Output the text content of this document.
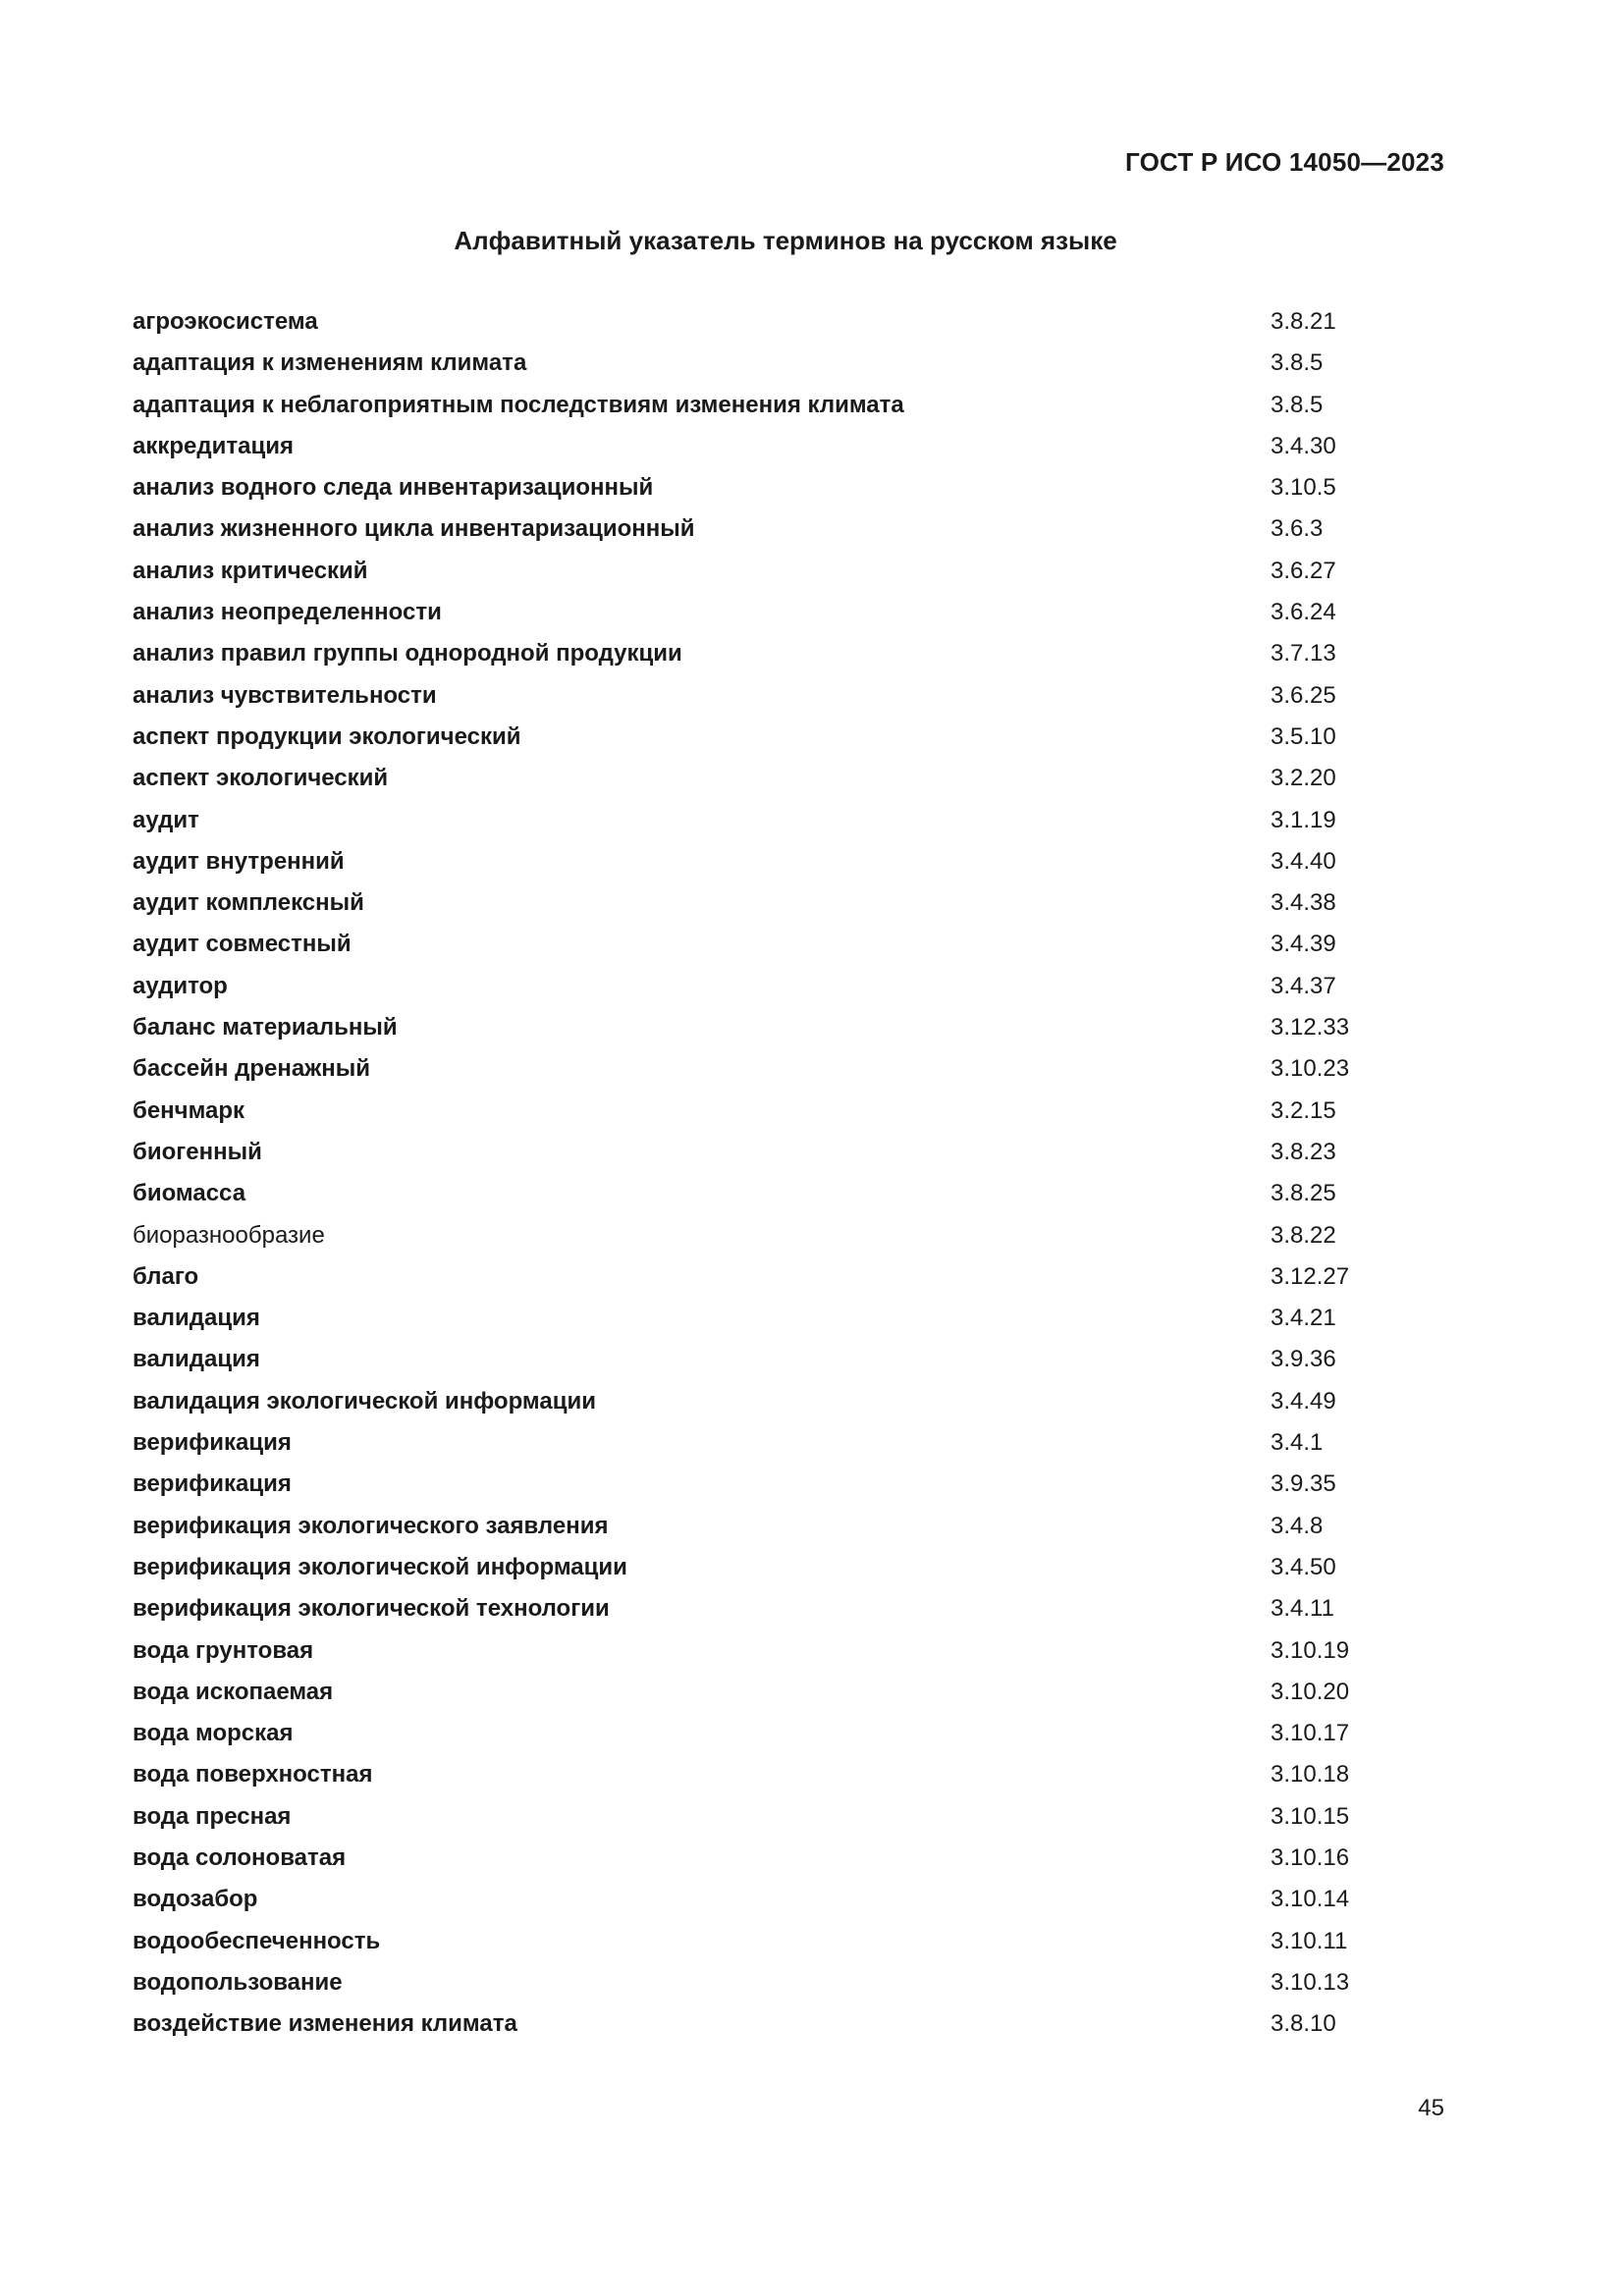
ГОСТ Р ИСО 14050—2023
Алфавитный указатель терминов на русском языке
агроэкосистема	3.8.21
адаптация к изменениям климата	3.8.5
адаптация к неблагоприятным последствиям изменения климата	3.8.5
аккредитация	3.4.30
анализ водного следа инвентаризационный	3.10.5
анализ жизненного цикла инвентаризационный	3.6.3
анализ критический	3.6.27
анализ неопределенности	3.6.24
анализ правил группы однородной продукции	3.7.13
анализ чувствительности	3.6.25
аспект продукции экологический	3.5.10
аспект экологический	3.2.20
аудит	3.1.19
аудит внутренний	3.4.40
аудит комплексный	3.4.38
аудит совместный	3.4.39
аудитор	3.4.37
баланс материальный	3.12.33
бассейн дренажный	3.10.23
бенчмарк	3.2.15
биогенный	3.8.23
биомасса	3.8.25
биоразнообразие	3.8.22
благо	3.12.27
валидация	3.4.21
валидация	3.9.36
валидация экологической информации	3.4.49
верификация	3.4.1
верификация	3.9.35
верификация экологического заявления	3.4.8
верификация экологической информации	3.4.50
верификация экологической технологии	3.4.11
вода грунтовая	3.10.19
вода ископаемая	3.10.20
вода морская	3.10.17
вода поверхностная	3.10.18
вода пресная	3.10.15
вода солоноватая	3.10.16
водозабор	3.10.14
водообеспеченность	3.10.11
водопользование	3.10.13
воздействие изменения климата	3.8.10
45
